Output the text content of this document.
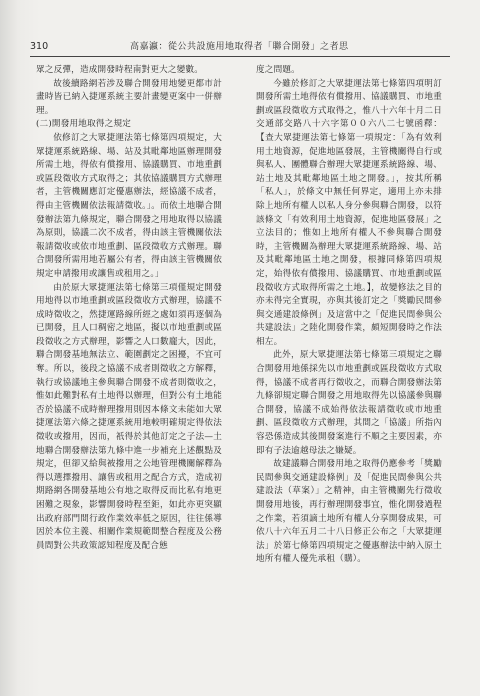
310	高嘉瀛：從公共設施用地取得者「聯合開發」之者思

眾之反彈，造成開發時程南對更大之變數。

故後續路網若涉及聯合開發用地變更都市計畫時皆已納入捷運系統主要計畫變更案中一併辦理。

(二)開發用地取得之規定

依修訂之大眾捷運法第七條第四項規定，大眾捷運系統路線、場、站及其毗鄰地區辦理開發所需土地，得依有償撥用、協議購買、市地重劃或區段徵收方式取得之；其依協議購買方式辦理者，主管機關應訂定優惠辦法，經協議不成者，得由主管機關依法報請徵收。」。而依土地聯合開發辦法第九條規定，聯合開發之用地取得以協議為原則，協議二次不成者，得由該主管機關依法報請徵收或依市地重劃、區段徵收方式辦理。聯合開發所需用地若屬公有者，得由該主管機關依規定申請撥用或讓售或租用之。」

由於原大眾捷運法第七條第三項僅規定開發用地得以市地重劃或區段徵收方式辦理，協議不成時徵收之，然捷運路線所經之處如須再逐個為已開發，且人口稠密之地區，擬以市地重劃或區段徵收之方式辦理，影響之人口數龐大，因此，聯合開發基地無法立、範圍劃定之困擾，不宜可奪。所以，後段之協議不成者則徵收之方解釋，執行或協議地主參與聯合開發不成者則徵收之，惟如此難對私有土地得以辦理，但對公有土地能否於協議不成時辦理撥用則因本條文未能如大眾捷運法第六條之捷運系統用地較明確規定得依法徵收或撥用，因而，祇得於其他訂定之子法—土地聯合開發辦法第九條中進一步補充上述觀點及規定，但卻又給與被撥用之公地管理機關解釋為得以選擇撥用、讓售或租用之配合方式，造成初期路網各開發基地公有地之取得反而比私有地更困難之現象，影響開發時程至鉅，如此亦更突顯出政府部門間行政作業效率低之原因，往往係導因於本位主義、相關作業規範間整合程度及公務員間對公共政策認知程度及配合態

度之問題。

今雖於修訂之大眾捷運法第七條第四項明訂開發所需土地得依有償撥用、協議購買、市地重劃或區段徵收方式取得之，惟八十六年十月二日交通部交路八十六字第００六八二七號函釋：【查大眾捷運法第七條第一項規定：「為有效利用土地資源，促進地區發展，主管機關得自行或與私人、團體聯合辦理大眾捷運系統路線、場、站土地及其毗鄰地區土地之開發。」，按其所稱「私人」，於條文中無任何界定，適用上亦未排除上地所有權人以私人身分參與聯合開發，以符該條文「有效利用土地資源，促進地區發展」之立法目的；惟如上地所有權人不參與聯合開發時，主管機關為辦理大眾捷運系統路線、場、站及其毗鄰地區土地之開發，根據同條第四項規定，始得依有償撥用、協議購買、市地重劃或區段徵收方式取得所需之土地。】，故變修法之目的亦未得完全實現，亦與其後訂定之「獎勵民間參與交通建設條例」及這當中之「促進民間參與公共建設法」之陸化開發作業，頗短開發時之作法相左。

此外，原大眾捷運法第七條第三項規定之聯合開發用地係採先以市地重劃或區段徵收方式取得，協議不成者再行徵收之，而聯合開發辦法第九條卻規定聯合開發之用地取得先以協議參與聯合開發，協議不成始得依法報請徵收或市地重劃、區段徵收方式辦理，其間之「協議」所指內容恐係造成其後開發案進行不順之主要因素，亦即有子法逾越母法之嫌疑。

故建議聯合開發用地之取得仍應參考「獎勵民間參與交通建設條例」及「促進民間參與公共建設法（草案）」之精神，由主管機關先行徵收開發用地後，再行辦理開發事宜，惟化開發過程之作業，若須謫土地所有權人分享開發成果，可依八十六年五月二十八日修正公布之「大眾捷運法」於第七條第四項規定之優惠辦法中納入原土地所有權人優先承租（購）。
